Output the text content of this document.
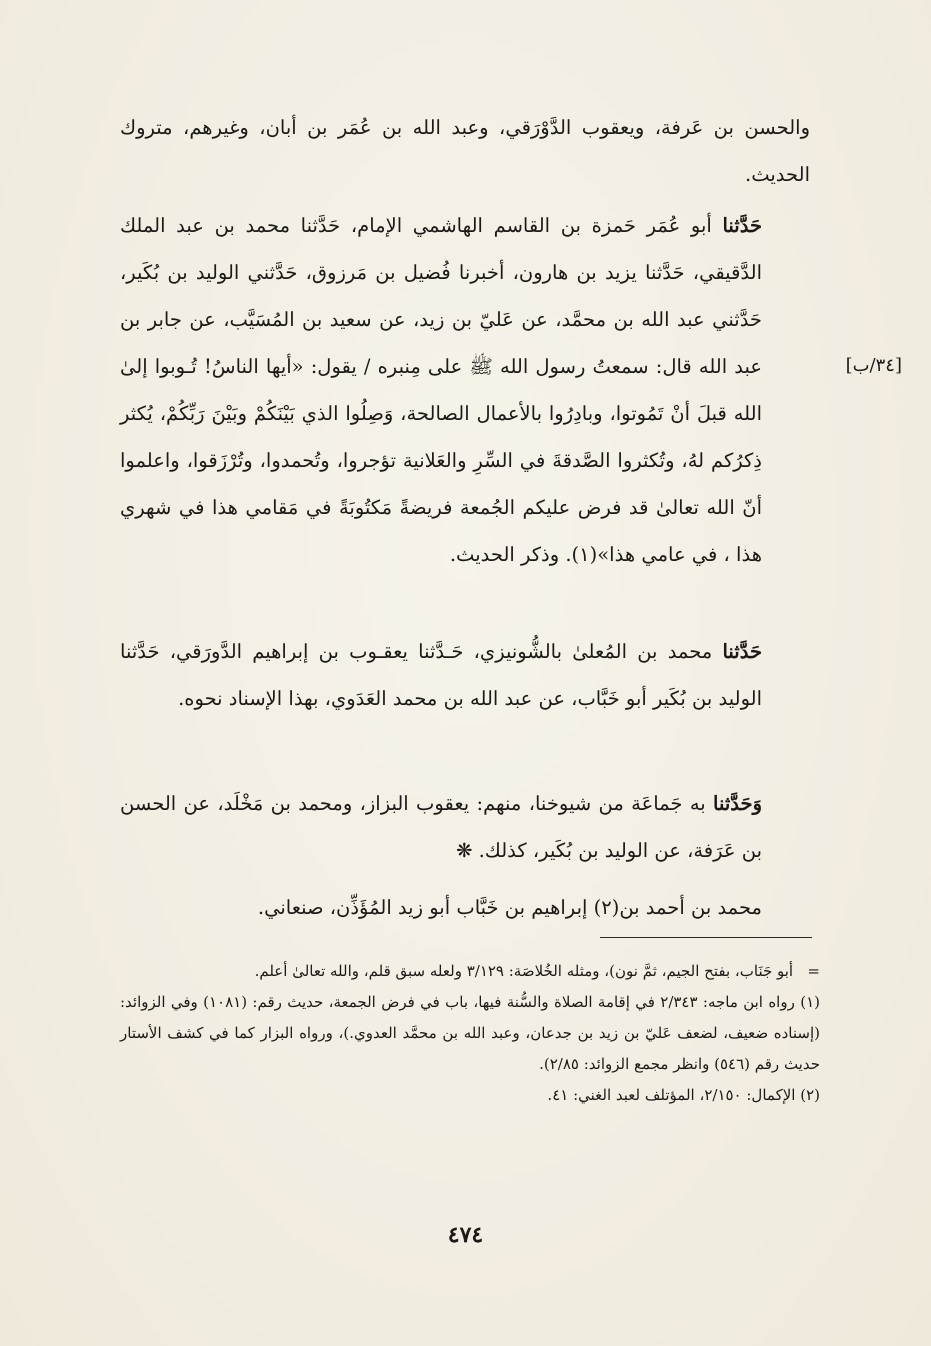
والحسن بن عَرفة، ويعقوب الدَّوْرَقي، وعبد الله بن عُمَر بن أبان، وغيرهم، متروك الحديث.

حَدَّثنا أبو عُمَر حَمزة بن القاسم الهاشمي الإمام، حَدَّثنا محمد بن عبد الملك الدَّقيقي، حَدَّثنا يزيد بن هارون، أخبرنا فُضيل بن مَرزوق، حَدَّثني الوليد بن بُكَير، حَدَّثني عبد الله بن محمَّد، عن عَليّ بن زيد، عن سعيد بن المُسَيَّب، عن جابر بن عبد الله قال: سمعتُ رسول الله ﷺ على مِنبره / يقول: «أيها الناسُ! تُـوبوا إلىٰ الله قبلَ أنْ تَمُوتوا، وبادِرُوا بالأعمال الصالحة، وَصِلُوا الذي بَيْنَكُمْ وبَيْنَ رَبِّكُمْ، يُكثر ذِكرُكم لهُ، وتُكثروا الصَّدقةَ في السِّرِ والعَلانية تؤجروا، وتُحمدوا، وتُرْزَقوا، واعلموا أنّ الله تعالىٰ قد فرض عليكم الجُمعة فريضةً مَكتُوبَةً في مَقامي هذا في شهري هذا ، في عامي هذا»(١). وذكر الحديث.

[٣٤/ب]

حَدَّثنا محمد بن المُعلىٰ بالشُّونيزي، حَـدَّثنا يعقـوب بن إبراهيم الدَّورَقي، حَدَّثنا الوليد بن بُكَير أبو خَبَّاب، عن عبد الله بن محمد العَدَوي، بهذا الإسناد نحوه.

وَحَدَّثنا به جَماعَة من شيوخنا، منهم: يعقوب البزاز، ومحمد بن مَخْلَد، عن الحسن بن عَرَفة، عن الوليد بن بُكَير، كذلك. ❋

محمد بن أحمد بن(٢) إبراهيم بن خَبَّاب أبو زيد المُؤَذِّن، صنعاني.

=   أبو جَنَاب، بفتح الجيم، ثمَّ نون)، ومثله الخُلاصَة: ٣/١٢٩ ولعله سبق قلم، والله تعالىٰ أعلم.

(١) رواه ابن ماجه: ٢/٣٤٣ في إقامة الصلاة والسُّنة فيها، باب في فرض الجمعة، حديث رقم: (١٠٨١) وفي الزوائد: (إسناده ضعيف، لضعف عَليّ بن زيد بن جدعان، وعبد الله بن محمَّد العدوي.)، ورواه البزار كما في كشف الأستار حديث رقم (٥٤٦) وانظر مجمع الزوائد: ٢/٨٥).

(٢) الإكمال: ٢/١٥٠، المؤتلف لعبد الغني: ٤١.

٤٧٤
